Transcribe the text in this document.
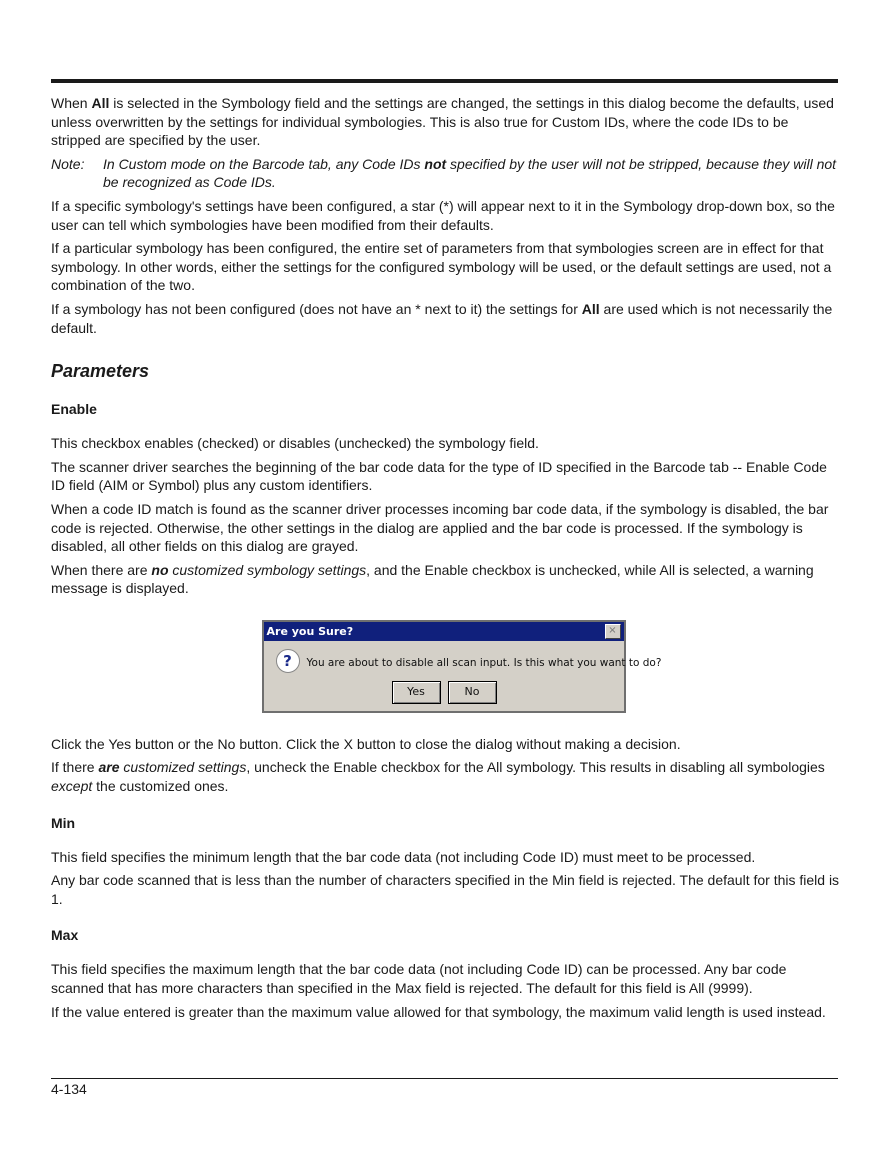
When All is selected in the Symbology field and the settings are changed, the settings in this dialog become the defaults, used unless overwritten by the settings for individual symbologies. This is also true for Custom IDs, where the code IDs to be stripped are specified by the user.

Note: In Custom mode on the Barcode tab, any Code IDs not specified by the user will not be stripped, because they will not be recognized as Code IDs.

If a specific symbology's settings have been configured, a star (*) will appear next to it in the Symbology drop-down box, so the user can tell which symbologies have been modified from their defaults.

If a particular symbology has been configured, the entire set of parameters from that symbologies screen are in effect for that symbology. In other words, either the settings for the configured symbology will be used, or the default settings are used, not a combination of the two.

If a symbology has not been configured (does not have an * next to it) the settings for All are used which is not necessarily the default.

Parameters
Enable

This checkbox enables (checked) or disables (unchecked) the symbology field.

The scanner driver searches the beginning of the bar code data for the type of ID specified in the Barcode tab -- Enable Code ID field (AIM or Symbol) plus any custom identifiers.

When a code ID match is found as the scanner driver processes incoming bar code data, if the symbology is disabled, the bar code is rejected. Otherwise, the other settings in the dialog are applied and the bar code is processed. If the symbology is disabled, all other fields on this dialog are grayed.

When there are no customized symbology settings, and the Enable checkbox is unchecked, while All is selected, a warning message is displayed.

Are you Sure?	×
?	You are about to disable all scan input. Is this what you want to do?
Yes	No

Click the Yes button or the No button. Click the X button to close the dialog without making a decision.

If there are customized settings, uncheck the Enable checkbox for the All symbology. This results in disabling all symbologies except the customized ones.

Min

This field specifies the minimum length that the bar code data (not including Code ID) must meet to be processed.

Any bar code scanned that is less than the number of characters specified in the Min field is rejected. The default for this field is 1.

Max

This field specifies the maximum length that the bar code data (not including Code ID) can be processed. Any bar code scanned that has more characters than specified in the Max field is rejected. The default for this field is All (9999).

If the value entered is greater than the maximum value allowed for that symbology, the maximum valid length is used instead.

4-134
